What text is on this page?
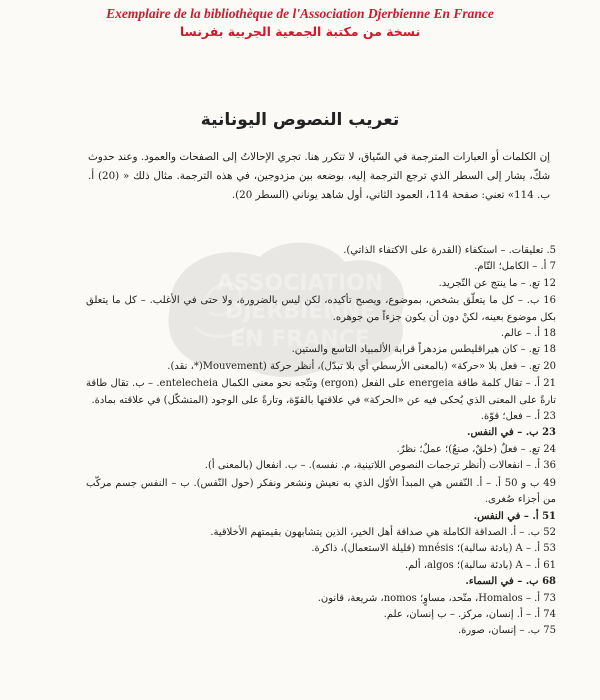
Exemplaire de la bibliothèque de l'Association Djerbienne En France
نسخة من مكتبة الجمعية الجربية بفرنسا
ASSOCIATION
DJERBIENNE
EN FRANCE
تعريب النصوص اليونانية
إن الكلمات أو العبارات المترجمة في السّياق، لا تتكرر هنا. تجري الإحالاتُ إلى الصفحات والعمود. وعند حدوث شكّ، يشار إلى السطر الذي ترجع الترجمة إليه، بوضعه بين مزدوجين، في هذه الترجمة. مثال ذلك « (20) أ. ب. 114» تعني: صفحة 114، العمود الثاني، أول شاهد يوناني (السطر 20).

5. تعليقات. – استكفاء (القدرة على الاكتفاء الذاتي).

7 أ. – الكامل؛ التّام.

12 تع. – ما ينتج عن التّجريد.

16 ب. – كل ما يتعلّق بشخص، بموضوع، ويصبح تأكيده، لكن ليس بالضرورة، ولا حتى في الأغلب. – كل ما يتعلق بكل موضوع بعينه، لكنْ دون أن يكون جزءاً من جوهره.

18 أ. – عالم.

18 تع. – كان هيراقليطس مزدهراً قرابة الألمبياد التاسع والستين.

20 تع. – فعل بلا «حركة» (بالمعنى الأرسطي أي بلا تبدّل)، أنظر حركة (Mouvement(*، نقد).

21 أ. – تقال كلمة طاقة energeia على الفعل (ergon) وتتّجه نحو معنى الكمال entelecheia. – ب. تقال طاقة تارةً على المعنى الذي يُحكى فيه عن «الحركة» في علاقتها بالقوّة، وتارةً على الوجود (المتشكّل) في علاقته بمادة.

23 أ. – فعل؛ قوّة.

23 ب. – في النفس.

24 تع. – فعلٌ (خلقٌ، صنعٌ)؛ عملٌ؛ نظرٌ.

36 أ. – انفعالات (أنظر ترجمات النصوص اللاتينية، م. نفسه). – ب. انفعال (بالمعنى أ).

49 ب و 50 أ. – أ. النّفس هي المبدأ الأوّل الذي به نعيش ونشعر ونفكر (حول النّفس). ب – النفس جسم مركّب من أجزاء صُغرى.

51 أ. – في النفس.

52 ب. – أ. الصداقة الكاملة هي صداقة أهل الخير، الذين يتشابهون بقيمتهم الأخلاقية.

53 أ. – A (بادئة سالبة)؛ mnésis (قليلة الاستعمال)، ذاكرة.

61 أ. – A (بادئة سالبة)؛ algos، ألم.

68 ب. – في السماء.

73 أ. – Homalos، متّحد، مساوٍ؛ nomos، شريعة، قانون.

74 أ. – أ. إنسان، مركز. – ب إنسان، علم.

75 ب. – إنسان، صورة.
